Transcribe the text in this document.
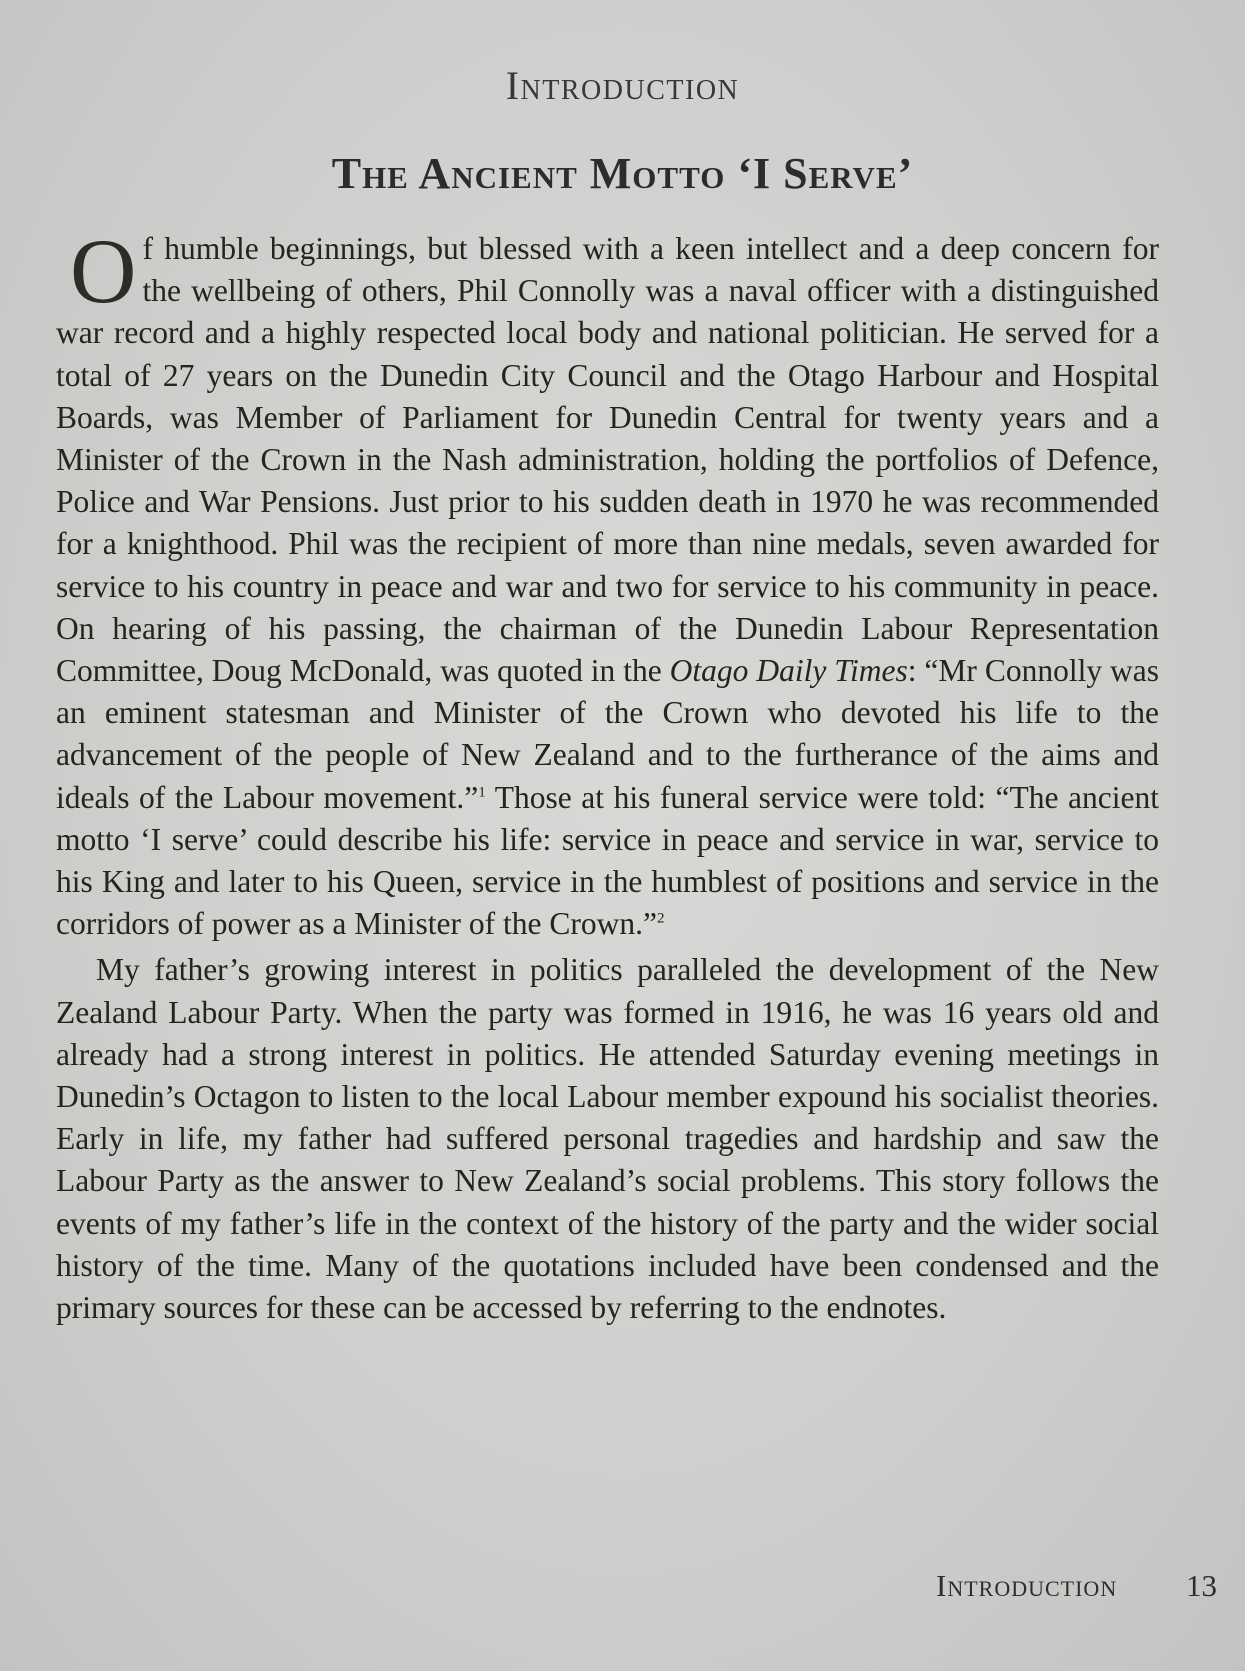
Introduction
The Ancient Motto ‘I Serve’

Of humble beginnings, but blessed with a keen intellect and a deep concern for the wellbeing of others, Phil Connolly was a naval officer with a distinguished war record and a highly respected local body and national politician. He served for a total of 27 years on the Dunedin City Council and the Otago Harbour and Hospital Boards, was Member of Parliament for Dunedin Central for twenty years and a Minister of the Crown in the Nash administration, holding the portfolios of Defence, Police and War Pensions. Just prior to his sudden death in 1970 he was recommended for a knighthood. Phil was the recipient of more than nine medals, seven awarded for service to his country in peace and war and two for service to his community in peace. On hearing of his passing, the chairman of the Dunedin Labour Representation Committee, Doug McDonald, was quoted in the Otago Daily Times: “Mr Connolly was an eminent statesman and Minister of the Crown who devoted his life to the advancement of the people of New Zealand and to the furtherance of the aims and ideals of the Labour movement.”$^1$ Those at his funeral service were told: “The ancient motto ‘I serve’ could describe his life: service in peace and service in war, service to his King and later to his Queen, service in the humblest of positions and service in the corridors of power as a Minister of the Crown.”$^2$

My father’s growing interest in politics paralleled the development of the New Zealand Labour Party. When the party was formed in 1916, he was 16 years old and already had a strong interest in politics. He attended Saturday evening meetings in Dunedin’s Octagon to listen to the local Labour member expound his socialist theories. Early in life, my father had suffered personal tragedies and hardship and saw the Labour Party as the answer to New Zealand’s social problems. This story follows the events of my father’s life in the context of the history of the party and the wider social history of the time. Many of the quotations included have been condensed and the primary sources for these can be accessed by referring to the endnotes.

Introduction 13
